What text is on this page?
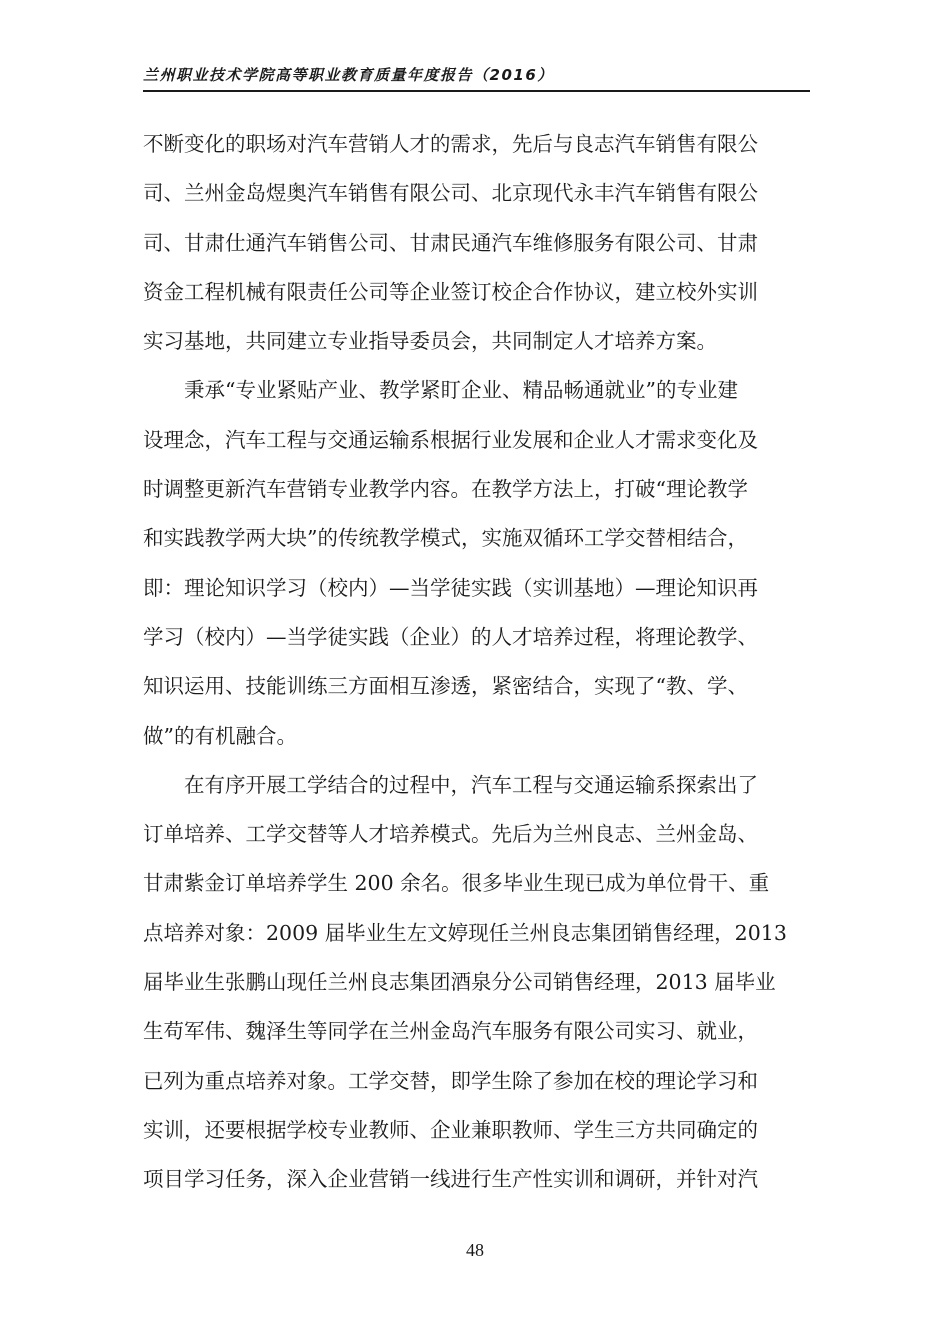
兰州职业技术学院高等职业教育质量年度报告（2016）
不断变化的职场对汽车营销人才的需求，先后与良志汽车销售有限公
司、兰州金岛煜奥汽车销售有限公司、北京现代永丰汽车销售有限公
司、甘肃仕通汽车销售公司、甘肃民通汽车维修服务有限公司、甘肃
资金工程机械有限责任公司等企业签订校企合作协议，建立校外实训
实习基地，共同建立专业指导委员会，共同制定人才培养方案。
秉承“专业紧贴产业、教学紧盯企业、精品畅通就业”的专业建
设理念，汽车工程与交通运输系根据行业发展和企业人才需求变化及
时调整更新汽车营销专业教学内容。在教学方法上，打破“理论教学
和实践教学两大块”的传统教学模式，实施双循环工学交替相结合，
即：理论知识学习（校内）—当学徒实践（实训基地）—理论知识再
学习（校内）—当学徒实践（企业）的人才培养过程，将理论教学、
知识运用、技能训练三方面相互渗透，紧密结合，实现了“教、学、
做”的有机融合。
在有序开展工学结合的过程中，汽车工程与交通运输系探索出了
订单培养、工学交替等人才培养模式。先后为兰州良志、兰州金岛、
甘肃紫金订单培养学生 200 余名。很多毕业生现已成为单位骨干、重
点培养对象：2009 届毕业生左文婷现任兰州良志集团销售经理，2013
届毕业生张鹏山现任兰州良志集团酒泉分公司销售经理，2013 届毕业
生苟军伟、魏泽生等同学在兰州金岛汽车服务有限公司实习、就业，
已列为重点培养对象。工学交替，即学生除了参加在校的理论学习和
实训，还要根据学校专业教师、企业兼职教师、学生三方共同确定的
项目学习任务，深入企业营销一线进行生产性实训和调研，并针对汽
48
